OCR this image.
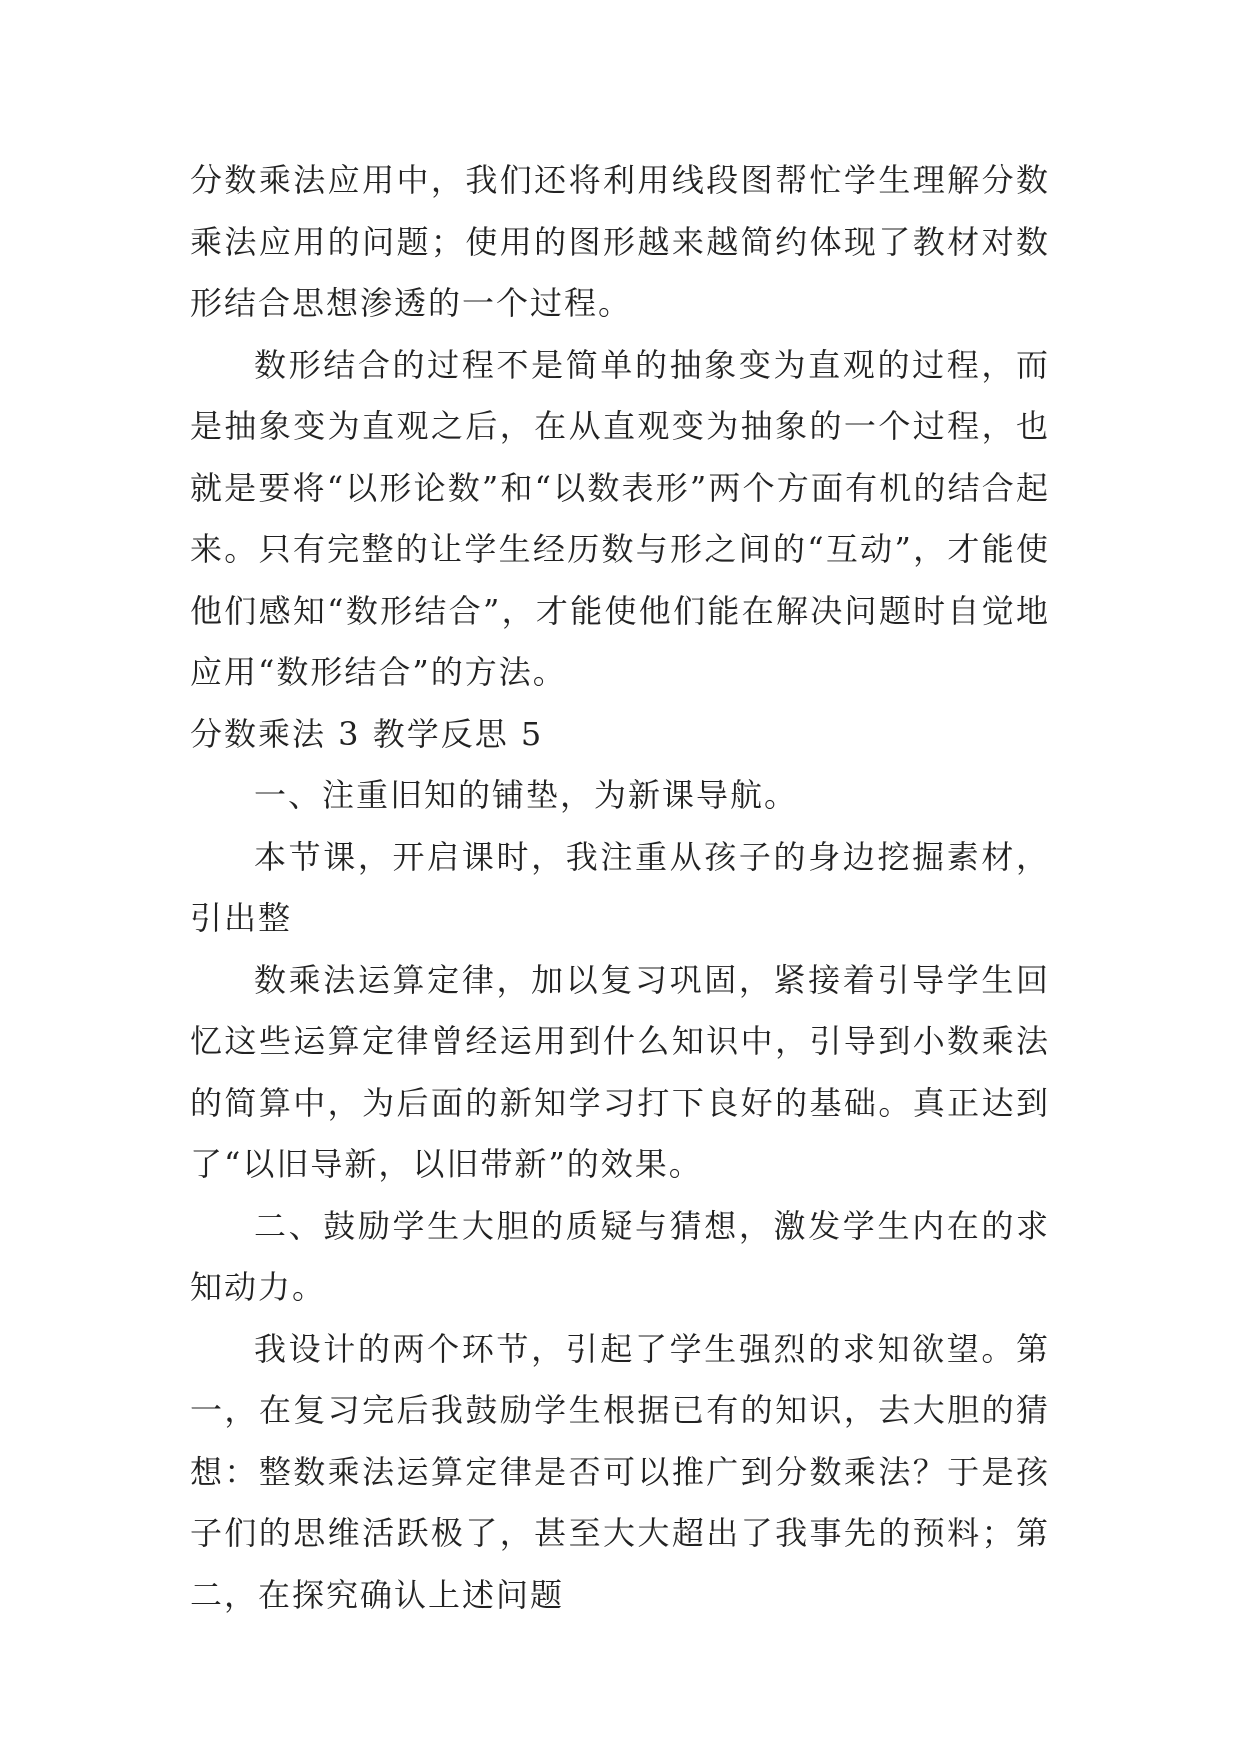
分数乘法应用中，我们还将利用线段图帮忙学生理解分数乘法应用的问题；使用的图形越来越简约体现了教材对数形结合思想渗透的一个过程。

数形结合的过程不是简单的抽象变为直观的过程，而是抽象变为直观之后，在从直观变为抽象的一个过程，也就是要将“以形论数”和“以数表形”两个方面有机的结合起来。只有完整的让学生经历数与形之间的“互动”，才能使他们感知“数形结合”，才能使他们能在解决问题时自觉地应用“数形结合”的方法。

分数乘法 3 教学反思 5

一、注重旧知的铺垫，为新课导航。

本节课，开启课时，我注重从孩子的身边挖掘素材，引出整

数乘法运算定律，加以复习巩固，紧接着引导学生回忆这些运算定律曾经运用到什么知识中，引导到小数乘法的简算中，为后面的新知学习打下良好的基础。真正达到了“以旧导新，以旧带新”的效果。

二、鼓励学生大胆的质疑与猜想，激发学生内在的求知动力。

我设计的两个环节，引起了学生强烈的求知欲望。第一，在复习完后我鼓励学生根据已有的知识，去大胆的猜想：整数乘法运算定律是否可以推广到分数乘法？于是孩子们的思维活跃极了，甚至大大超出了我事先的预料；第二，在探究确认上述问题
